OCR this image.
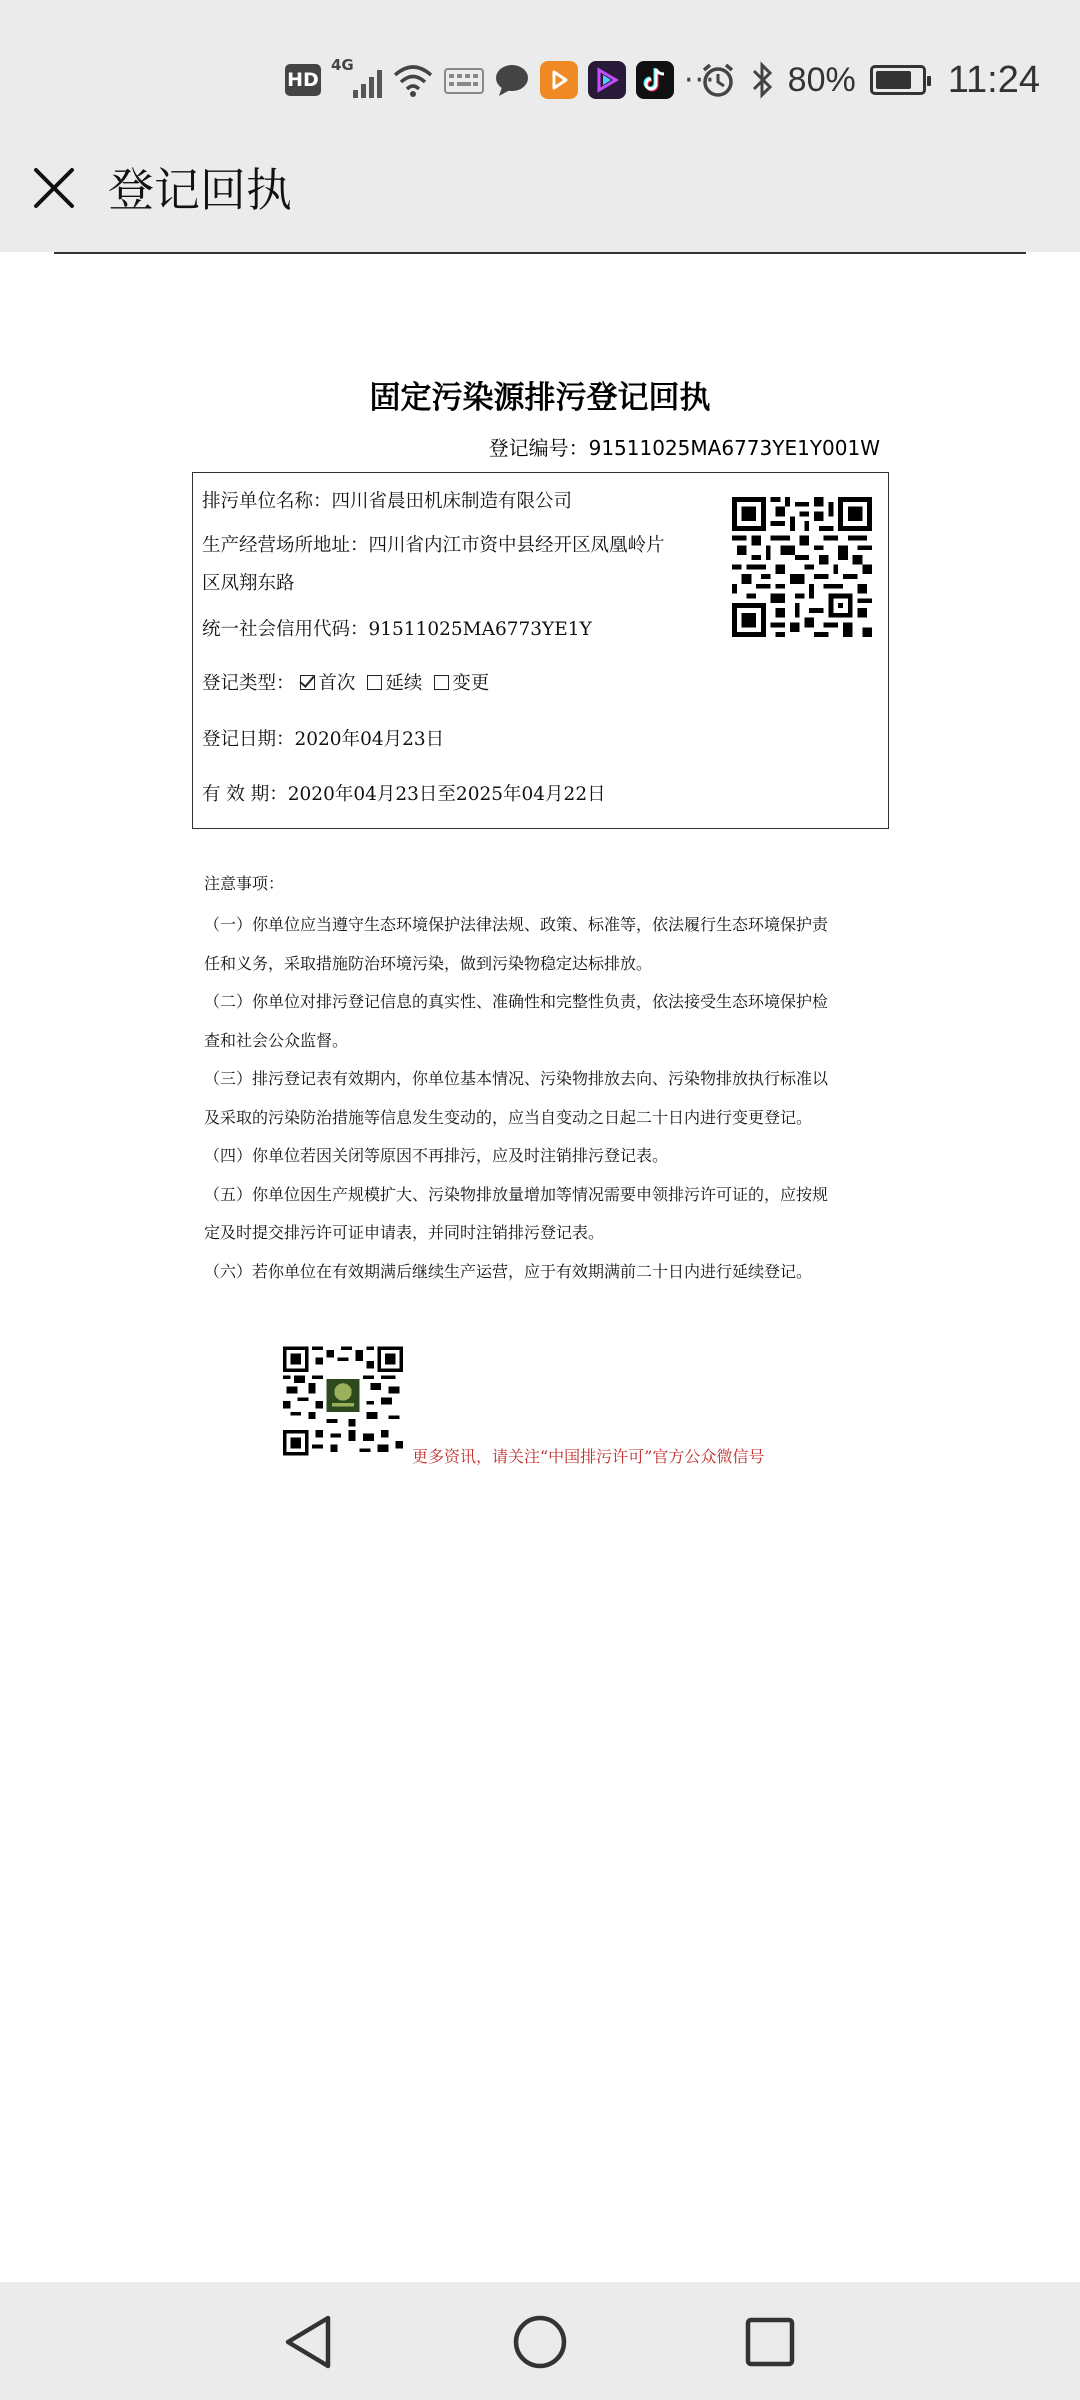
HD
4G	··· 80% 11:24
登记回执
固定污染源排污登记回执
登记编号：91511025MA6773YE1Y001W
排污单位名称：四川省晨田机床制造有限公司
生产经营场所地址：四川省内江市资中县经开区凤凰岭片
区凤翔东路
统一社会信用代码：91511025MA6773YE1Y
登记类型： 首次 延续 变更
登记日期：2020年04月23日
有 效 期：2020年04月23日至2025年04月22日
注意事项：
（一）你单位应当遵守生态环境保护法律法规、政策、标准等，依法履行生态环境保护责
任和义务，采取措施防治环境污染，做到污染物稳定达标排放。
（二）你单位对排污登记信息的真实性、准确性和完整性负责，依法接受生态环境保护检
查和社会公众监督。
（三）排污登记表有效期内，你单位基本情况、污染物排放去向、污染物排放执行标准以
及采取的污染防治措施等信息发生变动的，应当自变动之日起二十日内进行变更登记。
（四）你单位若因关闭等原因不再排污，应及时注销排污登记表。
（五）你单位因生产规模扩大、污染物排放量增加等情况需要申领排污许可证的，应按规
定及时提交排污许可证申请表，并同时注销排污登记表。
（六）若你单位在有效期满后继续生产运营，应于有效期满前二十日内进行延续登记。
更多资讯，请关注“中国排污许可”官方公众微信号
